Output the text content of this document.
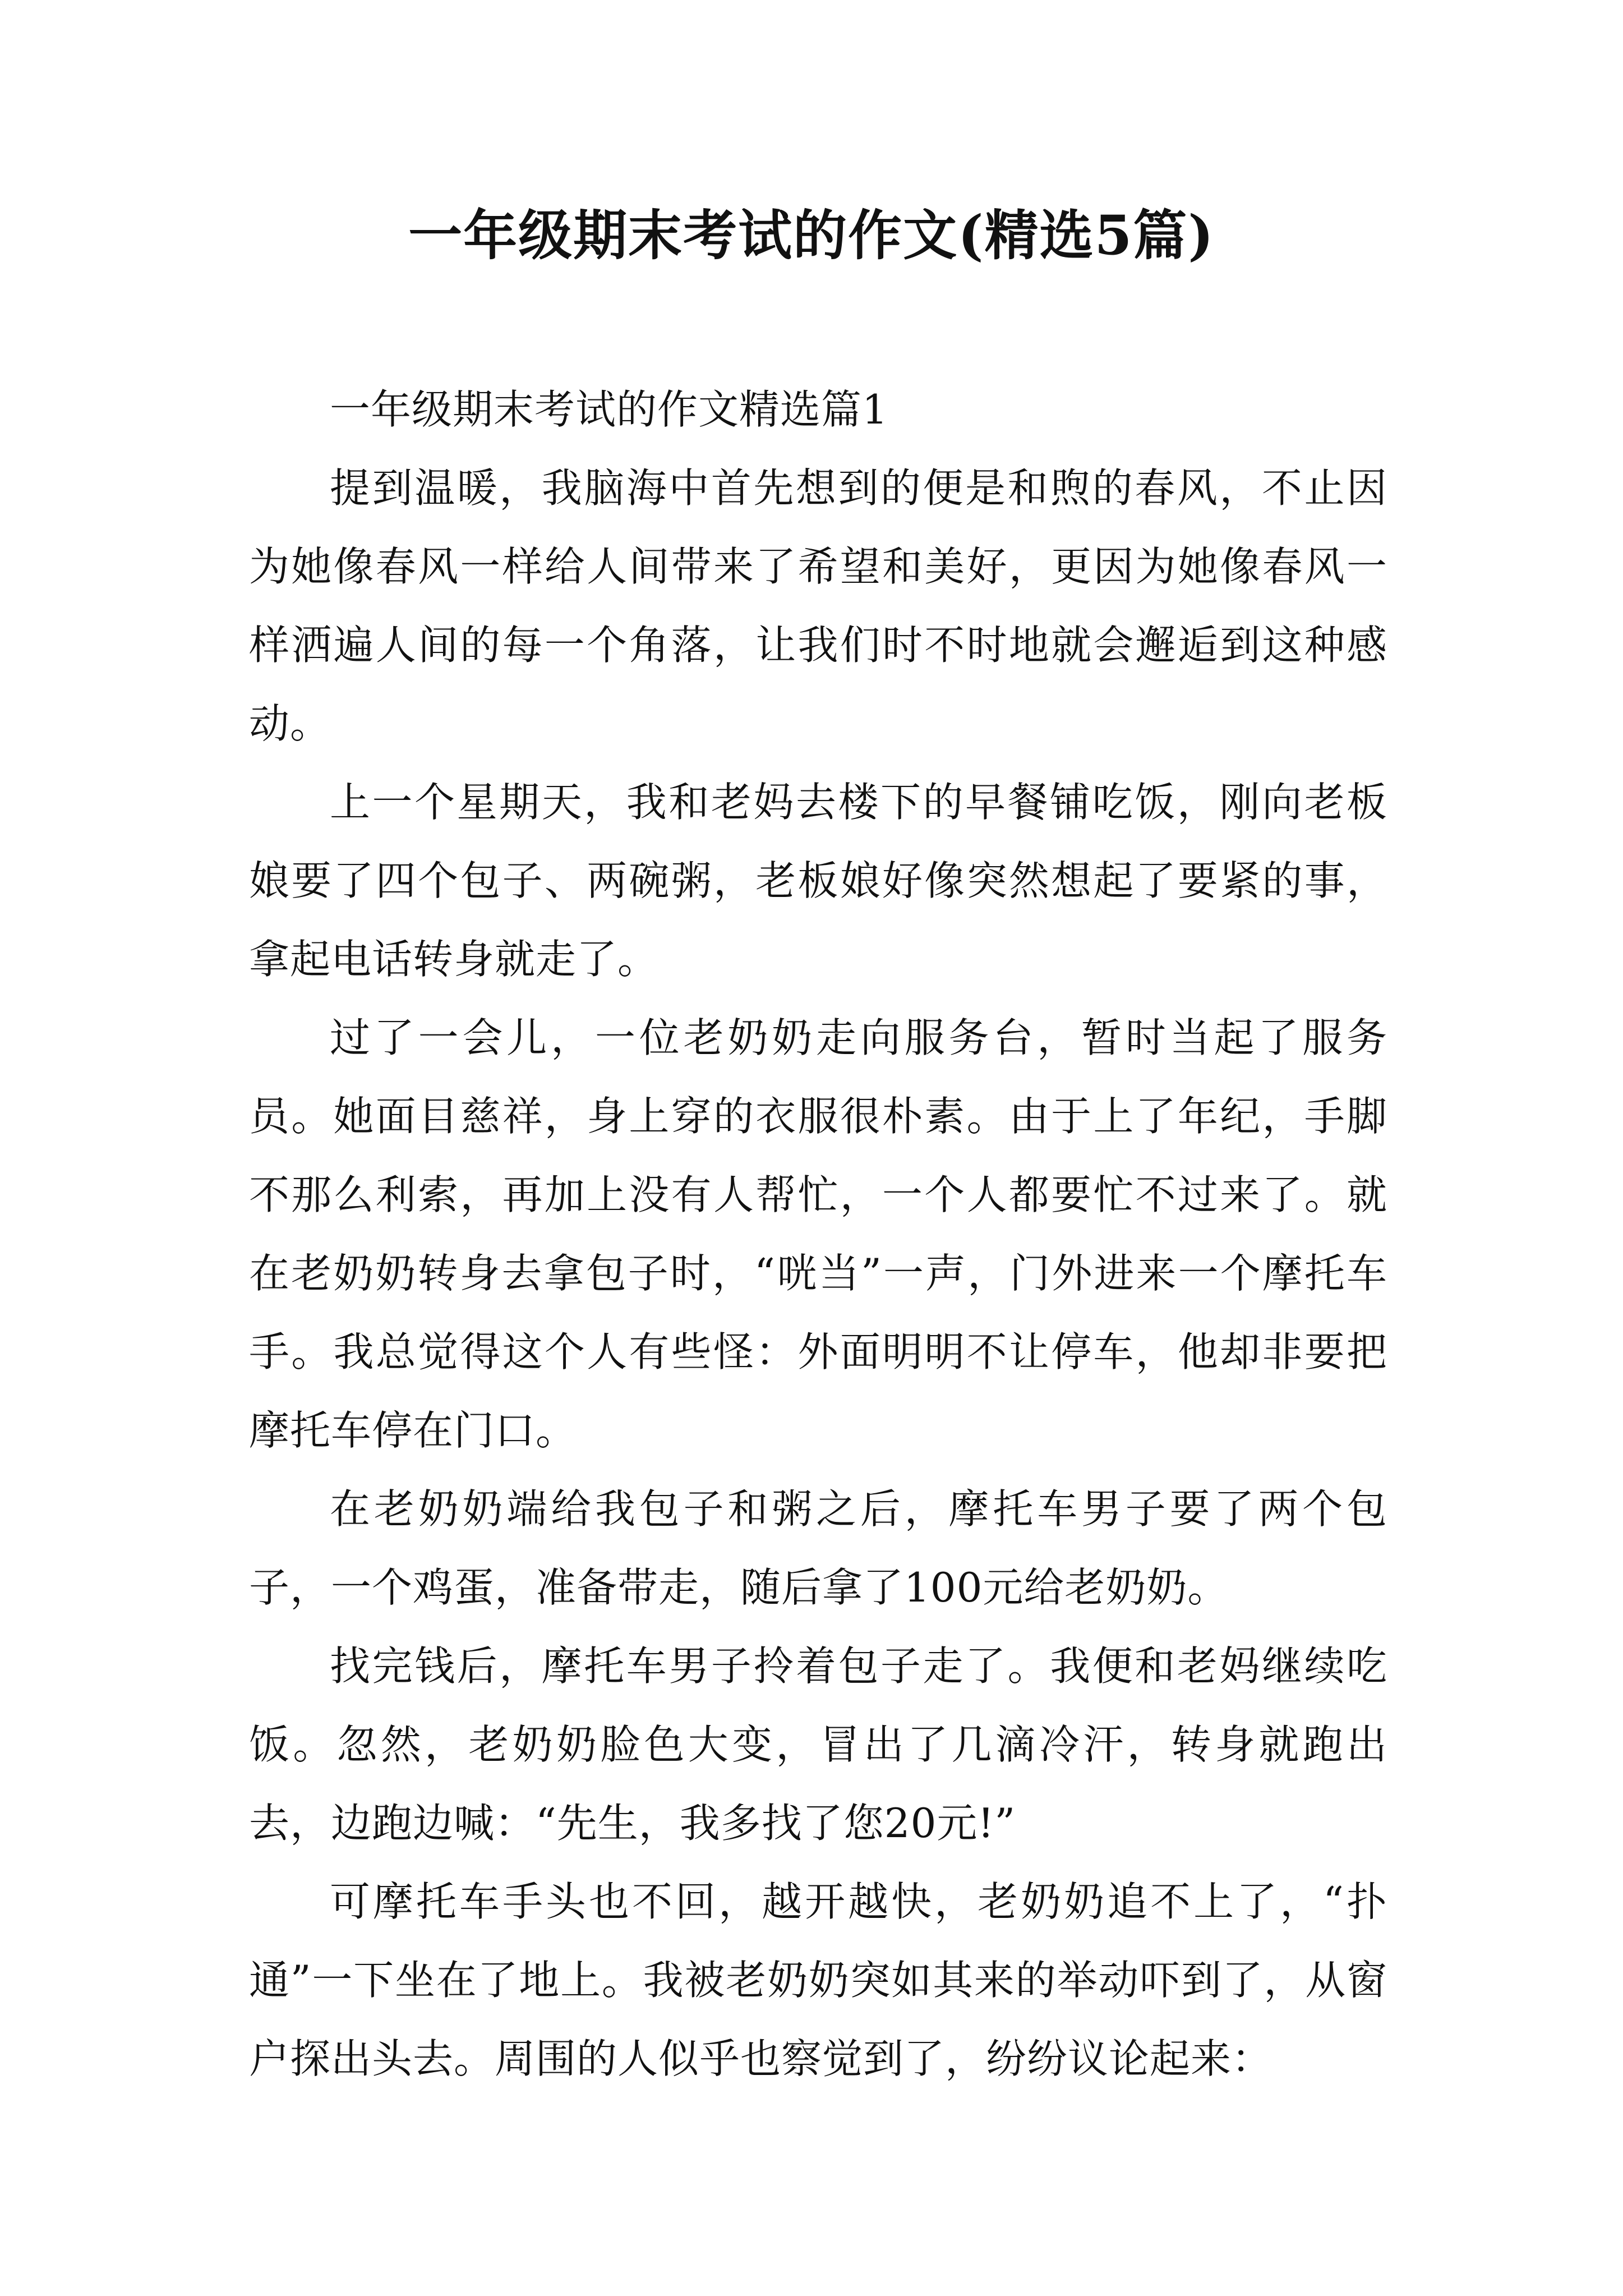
一年级期末考试的作文(精选5篇)

一年级期末考试的作文精选篇1

提到温暖，我脑海中首先想到的便是和煦的春风，不止因为她像春风一样给人间带来了希望和美好，更因为她像春风一样洒遍人间的每一个角落，让我们时不时地就会邂逅到这种感动。

上一个星期天，我和老妈去楼下的早餐铺吃饭，刚向老板娘要了四个包子、两碗粥，老板娘好像突然想起了要紧的事，拿起电话转身就走了。

过了一会儿，一位老奶奶走向服务台，暂时当起了服务员。她面目慈祥，身上穿的衣服很朴素。由于上了年纪，手脚不那么利索，再加上没有人帮忙，一个人都要忙不过来了。就在老奶奶转身去拿包子时，“咣当”一声，门外进来一个摩托车手。我总觉得这个人有些怪：外面明明不让停车，他却非要把摩托车停在门口。

在老奶奶端给我包子和粥之后，摩托车男子要了两个包子，一个鸡蛋，准备带走，随后拿了100元给老奶奶。

找完钱后，摩托车男子拎着包子走了。我便和老妈继续吃饭。忽然，老奶奶脸色大变，冒出了几滴冷汗，转身就跑出去，边跑边喊：“先生，我多找了您20元!”

可摩托车手头也不回，越开越快，老奶奶追不上了，“扑通”一下坐在了地上。我被老奶奶突如其来的举动吓到了，从窗户探出头去。周围的人似乎也察觉到了，纷纷议论起来：
